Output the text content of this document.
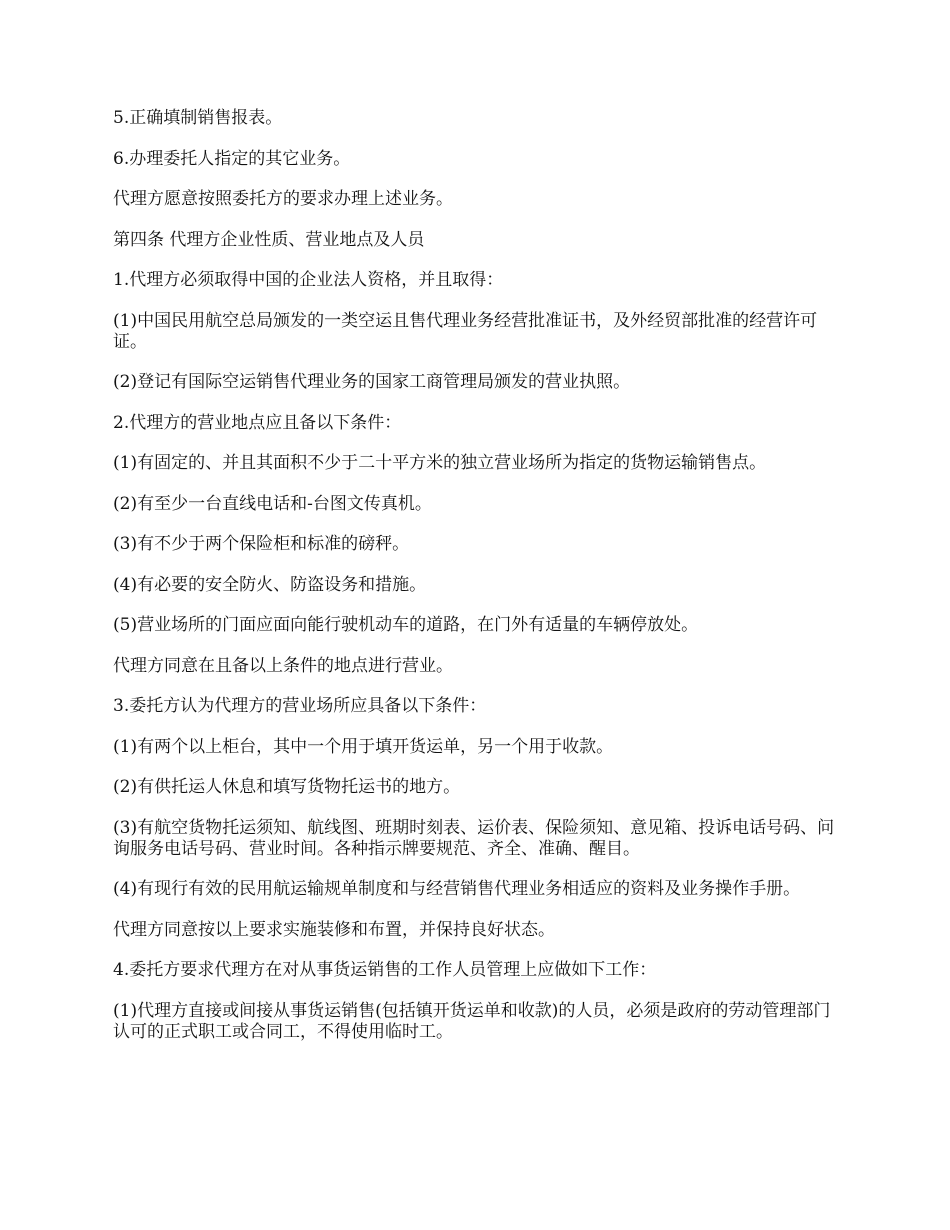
5.正确填制销售报表。

6.办理委托人指定的其它业务。

代理方愿意按照委托方的要求办理上述业务。

第四条 代理方企业性质、营业地点及人员

1.代理方必须取得中国的企业法人资格，并且取得：

(1)中国民用航空总局颁发的一类空运且售代理业务经营批准证书，及外经贸部批准的经营许可证。

(2)登记有国际空运销售代理业务的国家工商管理局颁发的营业执照。

2.代理方的营业地点应且备以下条件：

(1)有固定的、并且其面积不少于二十平方米的独立营业场所为指定的货物运输销售点。

(2)有至少一台直线电话和-台图文传真机。

(3)有不少于两个保险柜和标准的磅秤。

(4)有必要的安全防火、防盗设务和措施。

(5)营业场所的门面应面向能行驶机动车的道路，在门外有适量的车辆停放处。

代理方同意在且备以上条件的地点进行营业。

3.委托方认为代理方的营业场所应具备以下条件：

(1)有两个以上柜台，其中一个用于填开货运单，另一个用于收款。

(2)有供托运人休息和填写货物托运书的地方。

(3)有航空货物托运须知、航线图、班期时刻表、运价表、保险须知、意见箱、投诉电话号码、问询服务电话号码、营业时间。各种指示牌要规范、齐全、准确、醒目。

(4)有现行有效的民用航运输规单制度和与经营销售代理业务相适应的资料及业务操作手册。

代理方同意按以上要求实施装修和布置，并保持良好状态。

4.委托方要求代理方在对从事货运销售的工作人员管理上应做如下工作：

(1)代理方直接或间接从事货运销售(包括镇开货运单和收款)的人员，必须是政府的劳动管理部门认可的正式职工或合同工，不得使用临时工。
